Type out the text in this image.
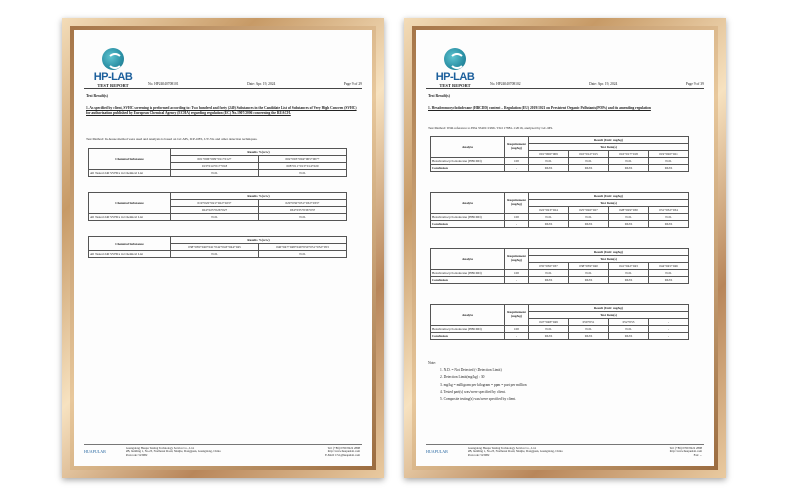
HP-LAB
TEST REPORT	No. HP24040708101	Date: Apr. 19, 2024	Page 9 of 29
Test Result(s)
1. As specified by client, SVHC screening is performed according to: Two hundred and forty (240) Substances in the Candidate List of Substances of Very High Concern (SVHC) for authorization published by European Chemical Agency (ECHA) regarding regulation (EC) No.1907/2006 concerning the REACH.
Test Method: In-house method were used and Analysis is based on GC-MS, ICP-OES, UV-Vis and other detection techniques.
Chemical Substance	Results %(w/w)	
	001+006+009+011+012+	002+003+004+005+007+
	013+014+017+018	008+011+013+014+020
All Tested 240 SVHCs in Chemical List	N.D.	N.D.
Chemical Substance	Results %(w/w)	
	019+020+021+022+023+	029+030+031+032+033+
	024+025+026+027	034+035+036+037
All Tested 240 SVHCs in Chemical List	N.D.	N.D.
Chemical Substance	Results %(w/w)	
	038+039+040+041+042+043+044+045	046+047+048+049+050+051+052+053
All Tested 240 SVHCs in Chemical List	N.D.	N.D.
HUAPULAB
Guangdong Huapu Testing Technology Service Co., Ltd.
#B, building 1, No.23, Northeast Road, Shuijie, Dongguan, Guangdong, China
Postcode: 523982
Tel: (+86) 0769 8222 2898
http://www.huapuslab.com
E-Mail: CS1@huapulab.com
HP-LAB
TEST REPORT	No. HP24040708102	Date: Apr. 19, 2024	Page 9 of 39
Test Result(s)
1. Hexabromocyclododecane (HBCDD) content – Regulation (EU) 2019/1021 on Persistent Organic Pollutants(POPs) and its amending regulation
Test Method: With reference to EPA 3540C:1996 / ISO 17881-1:2016, analyzed by GC-MS.
Analyte	Requirement (mg/kg)	Result (Unit: mg/kg)			
		Test Item(s)			
		001+006+009	010+012+015	016+017+018	019+020+021
Hexabromocyclododecane (HBCDD)	100	N.D.	N.D.	N.D.	N.D.
Conclusion	-	PASS	PASS	PASS	PASS
Analyte	Requirement (mg/kg)	Result (Unit: mg/kg)			
		Test Item(s)			
		022+023+024	025+026+027	028+029+030	031+032+034
Hexabromocyclododecane (HBCDD)	100	N.D.	N.D.	N.D.	N.D.
Conclusion	-	PASS	PASS	PASS	PASS
Analyte	Requirement (mg/kg)	Result (Unit: mg/kg)			
		Test Item(s)			
		035+036+037	038+039+040	041+042+043	044+045+046
Hexabromocyclododecane (HBCDD)	100	N.D.	N.D.	N.D.	N.D.
Conclusion	-	PASS	PASS	PASS	PASS
Analyte	Requirement (mg/kg)	Result (Unit: mg/kg)			
		Test Item(s)			
		047+048+049	050+051	052+053	-
Hexabromocyclododecane (HBCDD)	100	N.D.	N.D.	N.D.	-
Conclusion	-	PASS	PASS	PASS	-
Note:
1. N.D. = Not Detected (<Detection Limit)
2. Detection Limit(mg/kg) : 30
3. mg/kg = milligram per kilogram = ppm = part per million
4. Tested part(s) was/were specified by client.
5. Composite testing(s) was/were specified by client.
HUAPULAB
Guangdong Huapu Testing Technology Service Co., Ltd.
#B, building 1, No.23, Northeast Road, Shuijie, Dongguan, Guangdong, China
Postcode: 523982
Tel: (+86) 0769 8222 2898
http://www.huapuslab.com
Fax: ...
